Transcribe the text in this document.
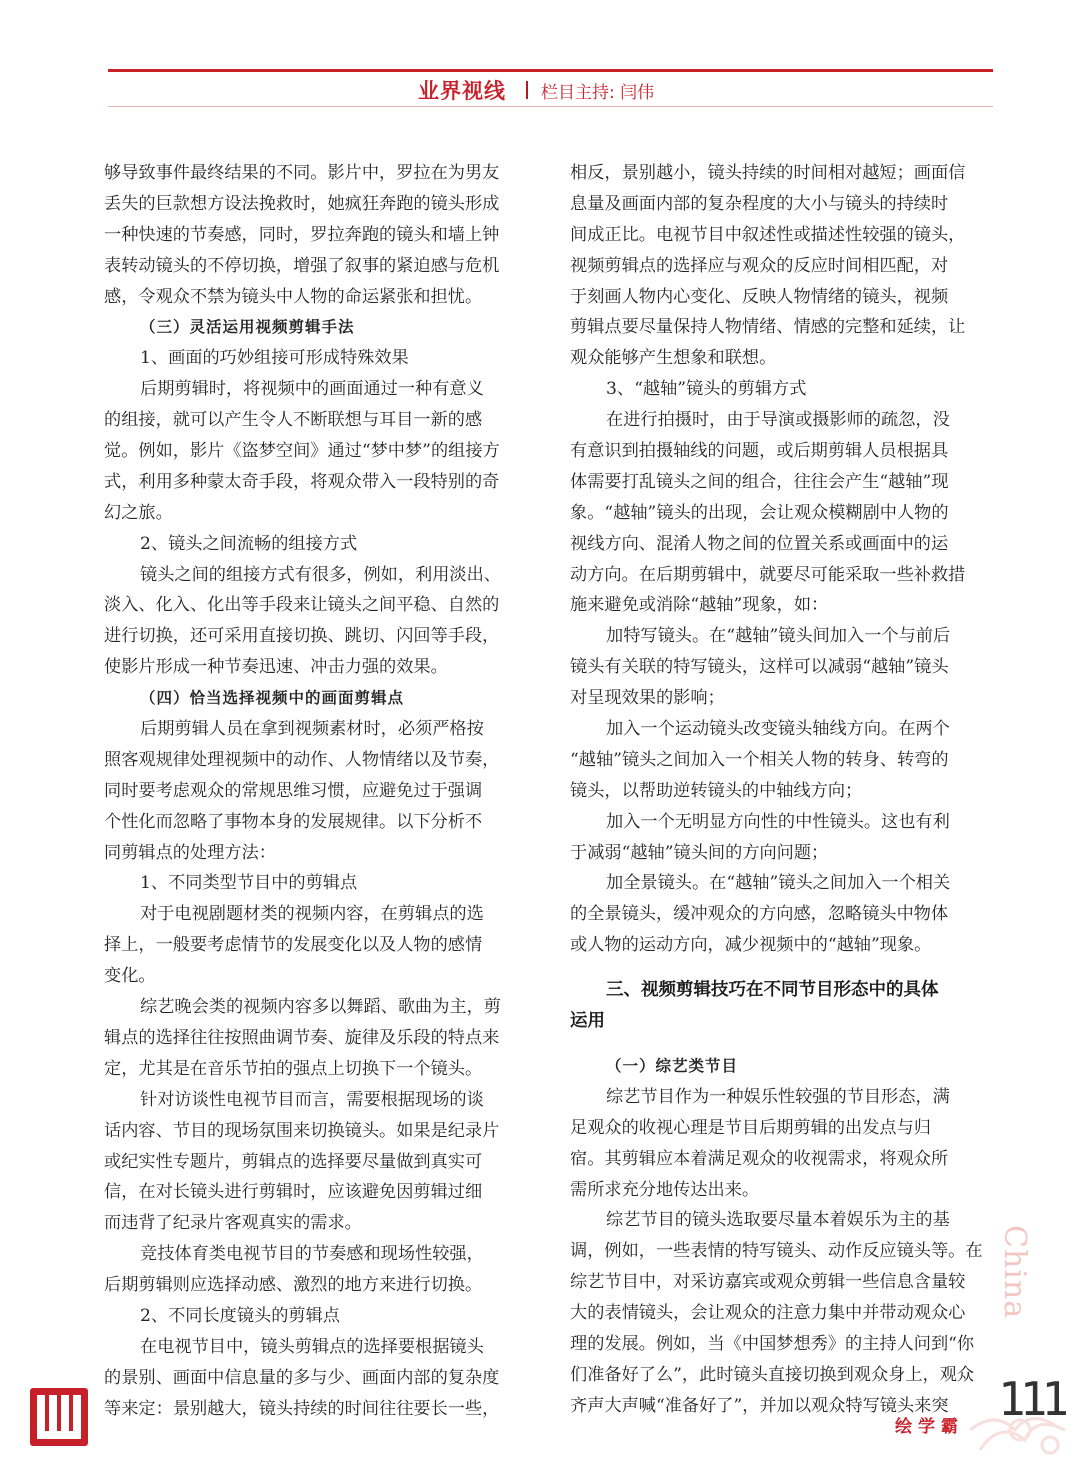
业界视线 栏目主持: 闫伟
够导致事件最终结果的不同。影片中，罗拉在为男友
丢失的巨款想方设法挽救时，她疯狂奔跑的镜头形成
一种快速的节奏感，同时，罗拉奔跑的镜头和墙上钟
表转动镜头的不停切换，增强了叙事的紧迫感与危机
感，令观众不禁为镜头中人物的命运紧张和担忧。
（三）灵活运用视频剪辑手法
1、画面的巧妙组接可形成特殊效果
后期剪辑时，将视频中的画面通过一种有意义
的组接，就可以产生令人不断联想与耳目一新的感
觉。例如，影片《盗梦空间》通过“梦中梦”的组接方
式，利用多种蒙太奇手段，将观众带入一段特别的奇
幻之旅。
2、镜头之间流畅的组接方式
镜头之间的组接方式有很多，例如，利用淡出、
淡入、化入、化出等手段来让镜头之间平稳、自然的
进行切换，还可采用直接切换、跳切、闪回等手段，
使影片形成一种节奏迅速、冲击力强的效果。
（四）恰当选择视频中的画面剪辑点
后期剪辑人员在拿到视频素材时，必须严格按
照客观规律处理视频中的动作、人物情绪以及节奏，
同时要考虑观众的常规思维习惯，应避免过于强调
个性化而忽略了事物本身的发展规律。以下分析不
同剪辑点的处理方法：
1、不同类型节目中的剪辑点
对于电视剧题材类的视频内容，在剪辑点的选
择上，一般要考虑情节的发展变化以及人物的感情
变化。
综艺晚会类的视频内容多以舞蹈、歌曲为主，剪
辑点的选择往往按照曲调节奏、旋律及乐段的特点来
定，尤其是在音乐节拍的强点上切换下一个镜头。
针对访谈性电视节目而言，需要根据现场的谈
话内容、节目的现场氛围来切换镜头。如果是纪录片
或纪实性专题片，剪辑点的选择要尽量做到真实可
信，在对长镜头进行剪辑时，应该避免因剪辑过细
而违背了纪录片客观真实的需求。
竞技体育类电视节目的节奏感和现场性较强，
后期剪辑则应选择动感、激烈的地方来进行切换。
2、不同长度镜头的剪辑点
在电视节目中，镜头剪辑点的选择要根据镜头
的景别、画面中信息量的多与少、画面内部的复杂度
等来定：景别越大，镜头持续的时间往往要长一些，
相反，景别越小，镜头持续的时间相对越短；画面信
息量及画面内部的复杂程度的大小与镜头的持续时
间成正比。电视节目中叙述性或描述性较强的镜头，
视频剪辑点的选择应与观众的反应时间相匹配，对
于刻画人物内心变化、反映人物情绪的镜头，视频
剪辑点要尽量保持人物情绪、情感的完整和延续，让
观众能够产生想象和联想。
3、“越轴”镜头的剪辑方式
在进行拍摄时，由于导演或摄影师的疏忽，没
有意识到拍摄轴线的问题，或后期剪辑人员根据具
体需要打乱镜头之间的组合，往往会产生“越轴”现
象。“越轴”镜头的出现，会让观众模糊剧中人物的
视线方向、混淆人物之间的位置关系或画面中的运
动方向。在后期剪辑中，就要尽可能采取一些补救措
施来避免或消除“越轴”现象，如：
加特写镜头。在“越轴”镜头间加入一个与前后
镜头有关联的特写镜头，这样可以减弱“越轴”镜头
对呈现效果的影响；
加入一个运动镜头改变镜头轴线方向。在两个
“越轴”镜头之间加入一个相关人物的转身、转弯的
镜头，以帮助逆转镜头的中轴线方向；
加入一个无明显方向性的中性镜头。这也有利
于减弱“越轴”镜头间的方向问题；
加全景镜头。在“越轴”镜头之间加入一个相关
的全景镜头，缓冲观众的方向感，忽略镜头中物体
或人物的运动方向，减少视频中的“越轴”现象。
三、视频剪辑技巧在不同节目形态中的具体
运用
（一）综艺类节目
综艺节目作为一种娱乐性较强的节目形态，满
足观众的收视心理是节目后期剪辑的出发点与归
宿。其剪辑应本着满足观众的收视需求，将观众所
需所求充分地传达出来。
综艺节目的镜头选取要尽量本着娱乐为主的基
调，例如，一些表情的特写镜头、动作反应镜头等。在
综艺节目中，对采访嘉宾或观众剪辑一些信息含量较
大的表情镜头，会让观众的注意力集中并带动观众心
理的发展。例如，当《中国梦想秀》的主持人问到“你
们准备好了么”，此时镜头直接切换到观众身上，观众
齐声大声喊“准备好了”，并加以观众特写镜头来突
China
绘学霸
111
